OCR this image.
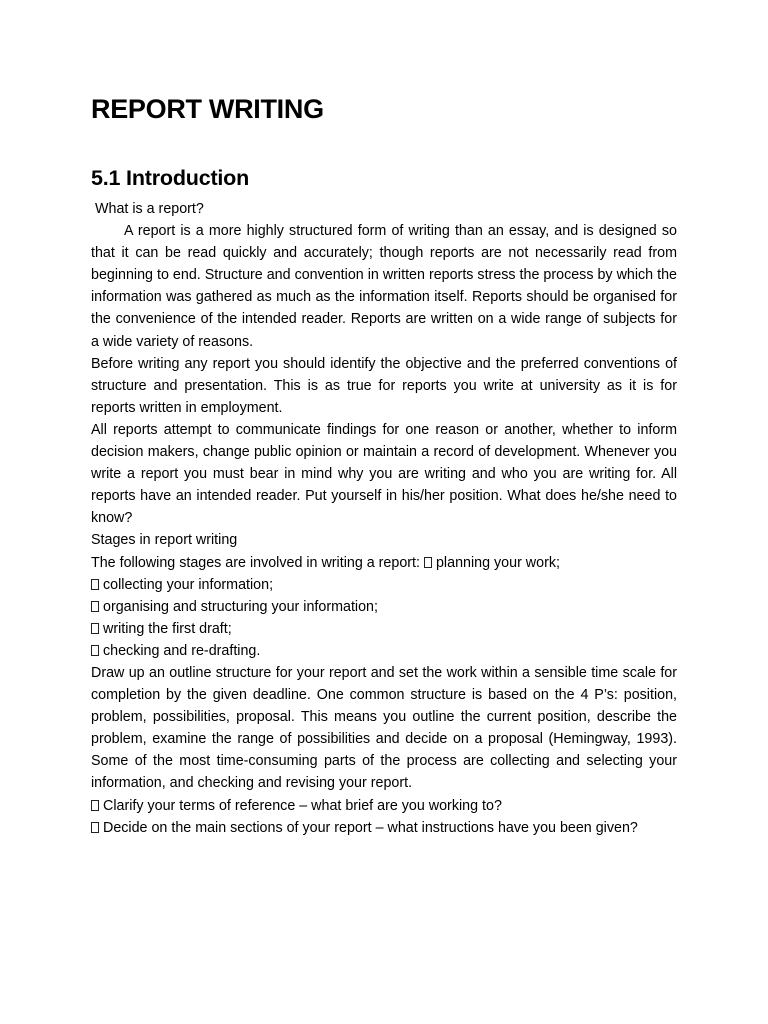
REPORT WRITING
5.1 Introduction

What is a report?

A report is a more highly structured form of writing than an essay, and is designed so that it can be read quickly and accurately; though reports are not necessarily read from beginning to end. Structure and convention in written reports stress the process by which the information was gathered as much as the information itself. Reports should be organised for the convenience of the intended reader. Reports are written on a wide range of subjects for a wide variety of reasons.

Before writing any report you should identify the objective and the preferred conventions of structure and presentation. This is as true for reports you write at university as it is for reports written in employment.

All reports attempt to communicate findings for one reason or another, whether to inform decision makers, change public opinion or maintain a record of development. Whenever you write a report you must bear in mind why you are writing and who you are writing for. All reports have an intended reader. Put yourself in his/her position. What does he/she need to know?

Stages in report writing

The following stages are involved in writing a report: planning your work;

collecting your information;

organising and structuring your information;

writing the first draft;

checking and re-drafting.

Draw up an outline structure for your report and set the work within a sensible time scale for completion by the given deadline. One common structure is based on the 4 P’s: position, problem, possibilities, proposal. This means you outline the current position, describe the problem, examine the range of possibilities and decide on a proposal (Hemingway, 1993). Some of the most time-consuming parts of the process are collecting and selecting your information, and checking and revising your report.

Clarify your terms of reference – what brief are you working to?

Decide on the main sections of your report – what instructions have you been given?
